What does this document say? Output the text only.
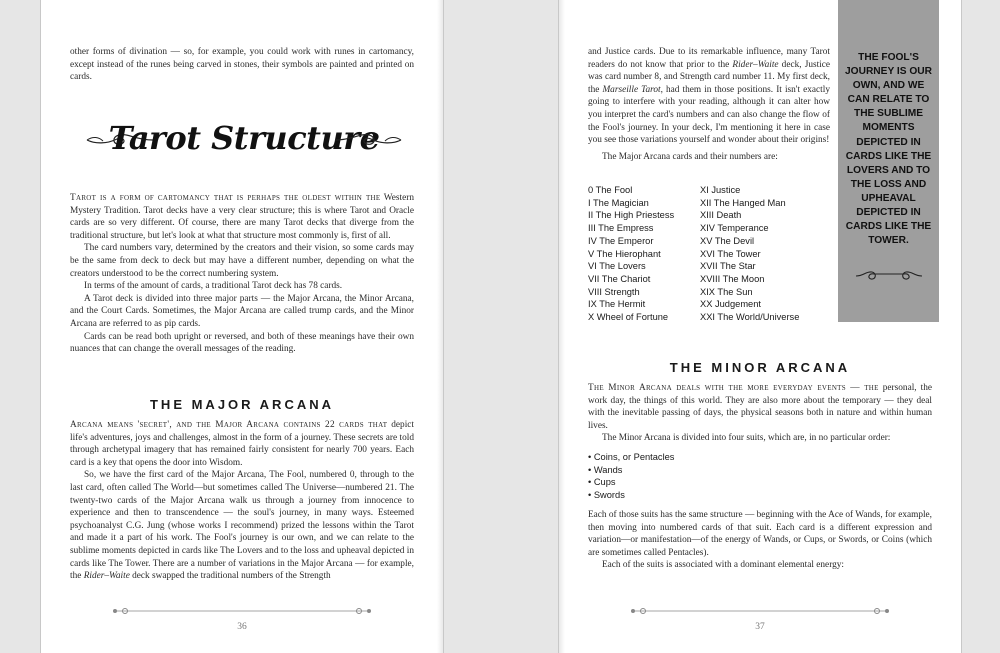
other forms of divination — so, for example, you could work with runes in cartomancy, except instead of the runes being carved in stones, their symbols are painted and printed on cards.

Tarot Structure

Tarot is a form of cartomancy that is perhaps the oldest within the Western Mystery Tradition. Tarot decks have a very clear structure; this is where Tarot and Oracle cards are so very different. Of course, there are many Tarot decks that diverge from the traditional structure, but let's look at what that structure most commonly is, first of all.

The card numbers vary, determined by the creators and their vision, so some cards may be the same from deck to deck but may have a different number, depending on what the creators understood to be the correct numbering system.

In terms of the amount of cards, a traditional Tarot deck has 78 cards.

A Tarot deck is divided into three major parts — the Major Arcana, the Minor Arcana, and the Court Cards. Sometimes, the Major Arcana are called trump cards, and the Minor Arcana are referred to as pip cards.

Cards can be read both upright or reversed, and both of these meanings have their own nuances that can change the overall messages of the reading.

THE MAJOR ARCANA

Arcana means 'secret', and the Major Arcana contains 22 cards that depict life's adventures, joys and challenges, almost in the form of a journey. These secrets are told through archetypal imagery that has remained fairly consistent for nearly 700 years. Each card is a key that opens the door into Wisdom.

So, we have the first card of the Major Arcana, The Fool, numbered 0, through to the last card, often called The World—but sometimes called The Universe—numbered 21. The twenty-two cards of the Major Arcana walk us through a journey from innocence to experience and then to transcendence — the soul's journey, in many ways. Esteemed psychoanalyst C.G. Jung (whose works I recommend) prized the lessons within the Tarot and made it a part of his work. The Fool's journey is our own, and we can relate to the sublime moments depicted in cards like The Lovers and to the loss and upheaval depicted in cards like The Tower. There are a number of variations in the Major Arcana — for example, the Rider–Waite deck swapped the traditional numbers of the Strength

36

and Justice cards. Due to its remarkable influence, many Tarot readers do not know that prior to the Rider–Waite deck, Justice was card number 8, and Strength card number 11. My first deck, the Marseille Tarot, had them in those positions. It isn't exactly going to interfere with your reading, although it can alter how you interpret the card's numbers and can also change the flow of the Fool's journey. In your deck, I'm mentioning it here in case you see those variations yourself and wonder about their origins!

The Major Arcana cards and their numbers are:

0 The Fool
I The Magician
II The High Priestess
III The Empress
IV The Emperor
V The Hierophant
VI The Lovers
VII The Chariot
VIII Strength
IX The Hermit
X Wheel of Fortune
XI Justice
XII The Hanged Man
XIII Death
XIV Temperance
XV The Devil
XVI The Tower
XVII The Star
XVIII The Moon
XIX The Sun
XX Judgement
XXI The World/Universe
THE MINOR ARCANA

The Minor Arcana deals with the more everyday events — the personal, the work day, the things of this world. They are also more about the temporary — they deal with the inevitable passing of days, the physical seasons both in nature and within human lives.

The Minor Arcana is divided into four suits, which are, in no particular order:

• Coins, or Pentacles
• Wands
• Cups
• Swords

Each of those suits has the same structure — beginning with the Ace of Wands, for example, then moving into numbered cards of that suit. Each card is a different expression and variation—or manifestation—of the energy of Wands, or Cups, or Swords, or Coins (which are sometimes called Pentacles).

Each of the suits is associated with a dominant elemental energy:

37
THE FOOL'S JOURNEY IS OUR OWN, AND WE CAN RELATE TO THE SUBLIME MOMENTS DEPICTED IN CARDS LIKE THE LOVERS AND TO THE LOSS AND UPHEAVAL DEPICTED IN CARDS LIKE THE TOWER.
